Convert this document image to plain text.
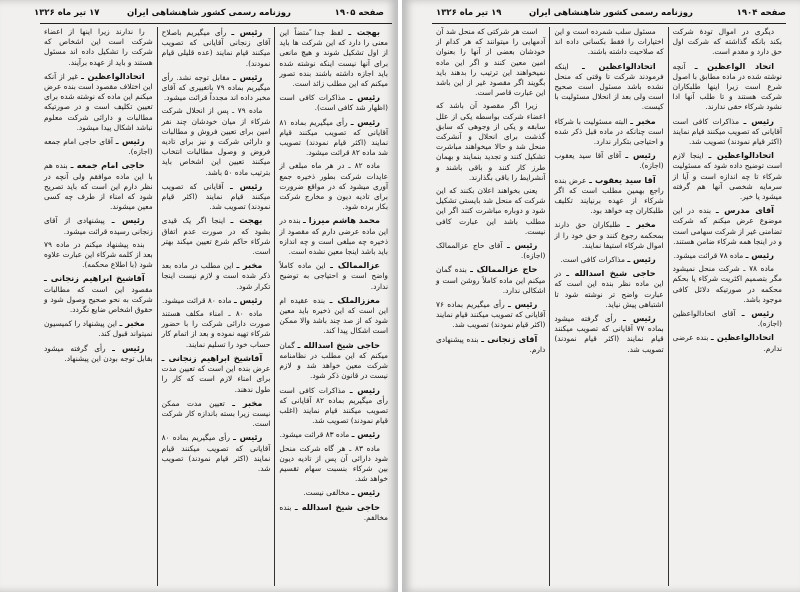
صفحه ۱۹۰۵
روزنامه رسمی کشور شاهنشاهی ایران
۱۷ تیر ماه ۱۳۲۶

بهجت ـ لفظ جدا ًمتضاً این معنی را دارد که این شرکت ها باید از اول تشکیل شوند و هیچ مانعی برای آنها نیست اینکه نوشته شده باید اجازه داشته باشند بنده تصور میکنم که این مطلب زائد است.

رئیس ـ مذاکرات کافی است (اظهار شد کافی است).

رئیس ـ رأی میگیریم بماده ۸۱ آقایانی که تصویب میکنند قیام نمایند (اکثر قیام نمودند) تصویب شد ماده ۸۲ قرائت میشود.

ماده ۸۲ ـ در هر ماه مبلغی از عایدات شرکت بطور ذخیره جمع آوری میشود که در مواقع ضرورت برای تادیه دیون و مخارج شرکت بکار برده شود.

محمد هاشم میرزا ـ بنده در این ماده عرضی دارم که مقصود از ذخیره چه مبلغی است و چه اندازه باید باشد اینجا معین نشده است.

عزالممالک ـ این ماده کاملاً واضح است و احتیاجی به توضیح ندارد.

معززالملک ـ بنده عقیده ام این است که این ذخیره باید معین شود که از صد چند باشد والا ممکن است اشکال پیدا کند.

حاجی شیخ اسدالله ـ گمان میکنم که این مطلب در نظامنامه شرکت معین خواهد شد و لازم نیست در قانون ذکر شود.

رئیس ـ مذاکرات کافی است رأی میگیریم بماده ۸۲ آقایانی که تصویب میکنند قیام نمایند (اغلب قیام نمودند) تصویب شد.

رئیس ـ ماده ۸۳ قرائت میشود.

ماده ۸۳ ـ هر گاه شرکت منحل شود دارائی آن پس از تادیه دیون بین شرکاء بنسبت سهام تقسیم خواهد شد.

رئیس ـ مخالفی نیست.

حاجی شیخ اسدالله ـ بنده مخالفم.

رئیس ـ رأی میگیریم باصلاح آقای زنجانی آقایانی که تصویب میکنند قیام نمایند (عده قلیلی قیام نمودند).

رئیس ـ مقابل توجه نشد. رأی میگیریم بماده ۷۹ باتغییری که آقای مخبر داده اند مجدداً قرائت میشود.

ماده ۷۹ ـ پس از انحلال شرکت شرکاء از میان خودشان چند نفر امین برای تعیین فروش و مطالبات و دارائی شرکت و نیز برای تادیه فروض و وصول مطالبات انتخاب میکنند تعیین این اشخاص باید بترتیب ماده ۵۰ باشد.

رئیس ـ آقایانی که تصویب میکنند قیام نمایند (اکثر قیام نمودند) تصویب شد.

بهجت ـ اینجا اگر یک قیدی بشود که در صورت عدم اتفاق شرکاء حاکم شرع تعیین میکند بهتر است.

مخبر ـ این مطلب در ماده بعد ذکر شده است و لازم نیست اینجا تکرار شود.

رئیس ـ ماده ۸۰ قرائت میشود.

ماده ۸۰ ـ امناء مکلف هستند صورت دارائی شرکت را با حضور شرکاء تهیه نموده و بعد از اتمام کار حساب خود را تسلیم نمایند.

آقاشیخ ابراهیم زنجانی ـ عرض بنده این است که تعیین مدت برای امناء لازم است که کار را طول ندهند.

مخبر ـ تعیین مدت ممکن نیست زیرا بسته باندازه کار شرکت است.

رئیس ـ رأی میگیریم بماده ۸۰ آقایانی که تصویب میکنند قیام نمایند (اکثر قیام نمودند) تصویب شد.

را ندارند زیرا اینها از اعضاء شرکت است این اشخاص که شرکت را تشکیل داده اند مسئول هستند و باید از عهده برآیند.

اتحادالواعظین ـ غیر از آنکه این اختلاف مقصود است بنده عرض میکنم این ماده که نوشته شده برای تعیین تکلیف است و در صورتیکه مطالبات و دارائی شرکت معلوم نباشد اشکال پیدا میشود.

رئیس ـ آقای حاجی امام جمعه (اجازه).

حاجی امام جمعه ـ بنده هم با این ماده موافقم ولی آنچه در نظر دارم این است که باید تصریح شود که امناء از طرف چه کسی معین میشوند.

رئیس ـ پیشنهادی از آقای زنجانی رسیده قرائت میشود.

بنده پیشنهاد میکنم در ماده ۷۹ بعد از کلمه شرکاء این عبارت علاوه شود (با اطلاع محکمه).

آقاشیخ ابراهیم زنجانی ـ مقصود این است که مطالبات شرکت به نحو صحیح وصول شود و حقوق اشخاص ضایع نگردد.

مخبر ـ این پیشنهاد را کمیسیون نمیتواند قبول کند.

رئیس ـ رأی گرفته میشود بقابل توجه بودن این پیشنهاد.

صفحه ۱۹۰۴
روزنامه رسمی کشور شاهنشاهی ایران
۱۹ تیر ماه ۱۳۲۶

دیگری در اموال تودهٔ شرکت بکند بانکه گذاشته که شرکت اول حق دارد و مقدم است.

اتحاد الواعظین ـ آنچه نوشته شده در ماده مطابق با اصول شرع است زیرا اینها طلبکاران شرکت هستند و تا طلب آنها ادا نشود شرکاء حقی ندارند.

رئیس ـ مذاکرات کافی است آقایانی که تصویب میکنند قیام نمایند (اکثر قیام نمودند) تصویب شد.

اتحادالواعظین ـ اینجا لازم است توضیح داده شود که مسئولیت شرکاء تا چه اندازه است و آیا از سرمایه شخصی آنها هم گرفته میشود یا خیر.

آقای مدرس ـ بنده در این موضوع عرض میکنم که شرکت تضامنی غیر از شرکت سهامی است و در اینجا همه شرکاء ضامن هستند.

رئیس ـ ماده ۷۸ قرائت میشود.

ماده ۷۸ ـ شرکت منحل نمیشود مگر بتصمیم اکثریت شرکاء یا بحکم محکمه در صورتیکه دلائل کافی موجود باشد.

رئیس ـ آقای اتحادالواعظین (اجازه).

اتحادالواعظین ـ بنده عرضی ندارم.

مسئول سلب شمرده است و این اختیارات را فقط بکسانی داده اند که صلاحیت داشته باشند.

اتحادالواعظین ـ اینکه فرمودند شرکت تا وقتی که منحل نشده باشد مسئول است صحیح است ولی بعد از انحلال مسئولیت با کیست.

مخبر ـ البته مسئولیت با شرکاء است چنانکه در ماده قبل ذکر شده و احتیاجی بتکرار ندارد.

رئیس ـ آقای آقا سید یعقوب (اجازه).

آقا سید یعقوب ـ عرض بنده راجع بهمین مطلب است که اگر شرکاء از عهده برنیایند تکلیف طلبکاران چه خواهد بود.

مخبر ـ طلبکاران حق دارند بمحکمه رجوع کنند و حق خود را از اموال شرکاء استیفا نمایند.

رئیس ـ مذاکرات کافی است.

حاجی شیخ اسدالله ـ در این ماده نظر بنده این است که عبارت واضح تر نوشته شود تا اشتباهی پیش نیاید.

رئیس ـ رأی گرفته میشود بماده ۷۷ آقایانی که تصویب میکنند قیام نمایند (اکثر قیام نمودند) تصویب شد.

است هر شرکتی که منحل شد آن آدمهایی را میتوانند که هر کدام از خودشان بعضی از آنها را بعنوان امین معین کنند و اگر این ماده نمیخواهند این ترتیب را بدهند باید بگویند اگر مقصود غیر از این باشد این عبارت قاصر است.

زیرا اگر مقصود آن باشد که اعضاء شرکت بواسطه یکی از علل سابقه و یکی از وجوهی که سابق گذشت برای انحلال و آنشرکت منحل شد و حالا میخواهند مباشرت تشکیل کنند و تجدید بنمایند و بهمان طرز کار کنند و باقی باشند و آنشرایط را باقی بگذارند.

یعنی بخواهند اعلان بکنند که این شرکت که منحل شد بایستی تشکیل شود و دوباره مباشرت کنند اگر این مطلب باشد این عبارت کافی نیست.

رئیس ـ آقای حاج عزالممالک (اجازه).

حاج عزالممالک ـ بنده گمان میکنم این ماده کاملاً روشن است و اشکالی ندارد.

رئیس ـ رأی میگیریم بماده ۷۶ آقایانی که تصویب میکنند قیام نمایند (اکثر قیام نمودند) تصویب شد.

آقای زنجانی ـ بنده پیشنهادی دارم.
